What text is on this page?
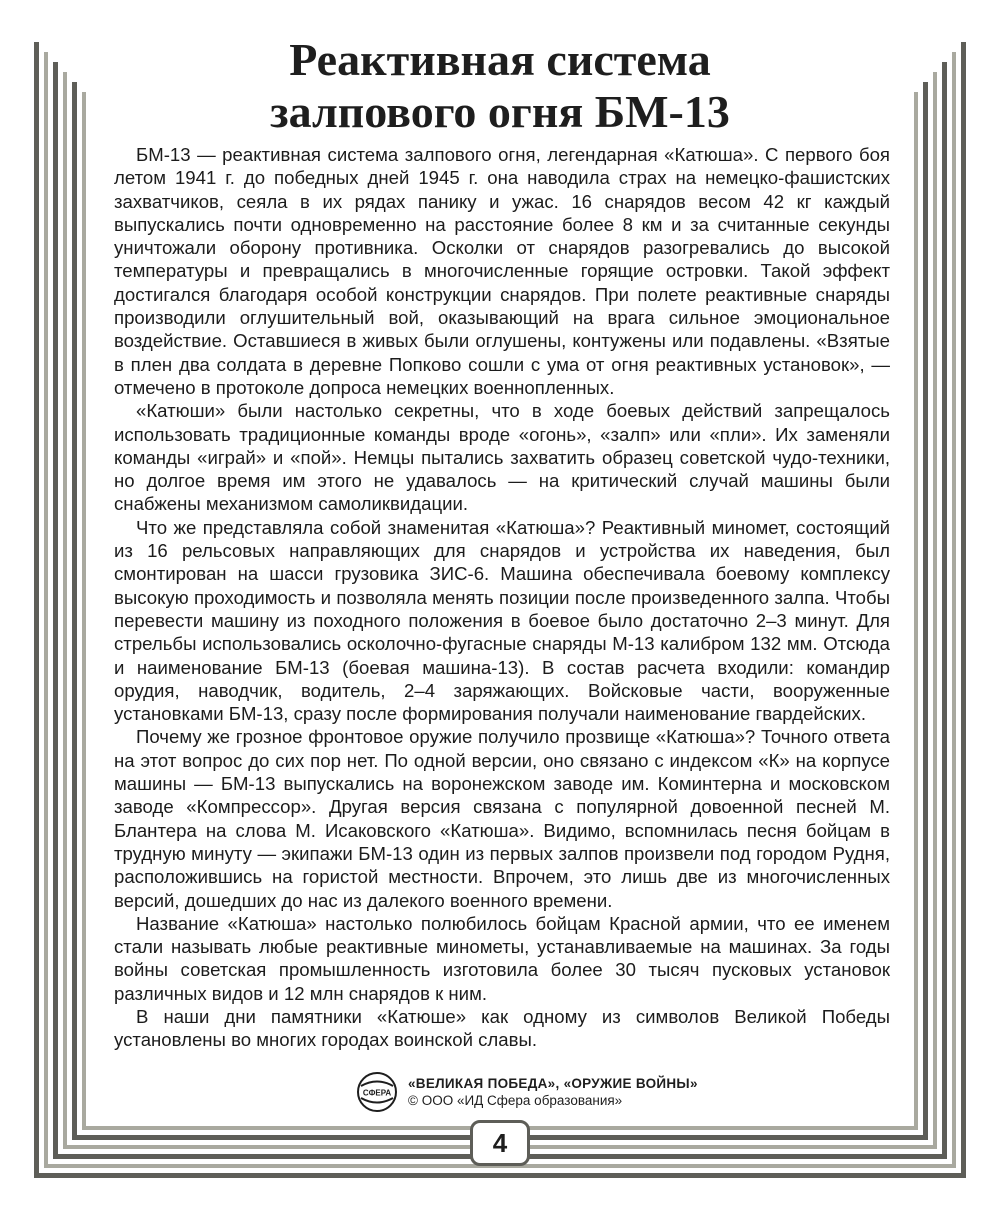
Реактивная система
залпового огня БМ-13

БМ-13 — реактивная система залпового огня, легендарная «Катюша». С первого боя летом 1941 г. до победных дней 1945 г. она наводила страх на немецко-фашистских захватчиков, сеяла в их рядах панику и ужас. 16 снарядов весом 42 кг каждый выпускались почти одновременно на расстояние более 8 км и за считанные секунды уничтожали оборону противника. Осколки от снарядов разогревались до высокой температуры и превращались в многочисленные горящие островки. Такой эффект достигался благодаря особой конструкции снарядов. При полете реактивные снаряды производили оглушительный вой, оказывающий на врага сильное эмоциональное воздействие. Оставшиеся в живых были оглушены, контужены или подавлены. «Взятые в плен два солдата в деревне Попково сошли с ума от огня реактивных установок», — отмечено в протоколе допроса немецких военнопленных.

«Катюши» были настолько секретны, что в ходе боевых действий запрещалось использовать традиционные команды вроде «огонь», «залп» или «пли». Их заменяли команды «играй» и «пой». Немцы пытались захватить образец советской чудо-техники, но долгое время им этого не удавалось — на критический случай машины были снабжены механизмом самоликвидации.

Что же представляла собой знаменитая «Катюша»? Реактивный миномет, состоящий из 16 рельсовых направляющих для снарядов и устройства их наведения, был смонтирован на шасси грузовика ЗИС-6. Машина обеспечивала боевому комплексу высокую проходимость и позволяла менять позиции после произведенного залпа. Чтобы перевести машину из походного положения в боевое было достаточно 2–3 минут. Для стрельбы использовались осколочно-фугасные снаряды М-13 калибром 132 мм. Отсюда и наименование БМ-13 (боевая машина-13). В состав расчета входили: командир орудия, наводчик, водитель, 2–4 заряжающих. Войсковые части, вооруженные установками БМ-13, сразу после формирования получали наименование гвардейских.

Почему же грозное фронтовое оружие получило прозвище «Катюша»? Точного ответа на этот вопрос до сих пор нет. По одной версии, оно связано с индексом «К» на корпусе машины — БМ-13 выпускались на воронежском заводе им. Коминтерна и московском заводе «Компрессор». Другая версия связана с популярной довоенной песней М. Блантера на слова М. Исаковского «Катюша». Видимо, вспомнилась песня бойцам в трудную минуту — экипажи БМ-13 один из первых залпов произвели под городом Рудня, расположившись на гористой местности. Впрочем, это лишь две из многочисленных версий, дошедших до нас из далекого военного времени.

Название «Катюша» настолько полюбилось бойцам Красной армии, что ее именем стали называть любые реактивные минометы, устанавливаемые на машинах. За годы войны советская промышленность изготовила более 30 тысяч пусковых установок различных видов и 12 млн снарядов к ним.

В наши дни памятники «Катюше» как одному из символов Великой Победы установлены во многих городах воинской славы.

СФЕРА
«ВЕЛИКАЯ ПОБЕДА», «ОРУЖИЕ ВОЙНЫ»
© ООО «ИД Сфера образования»
4
